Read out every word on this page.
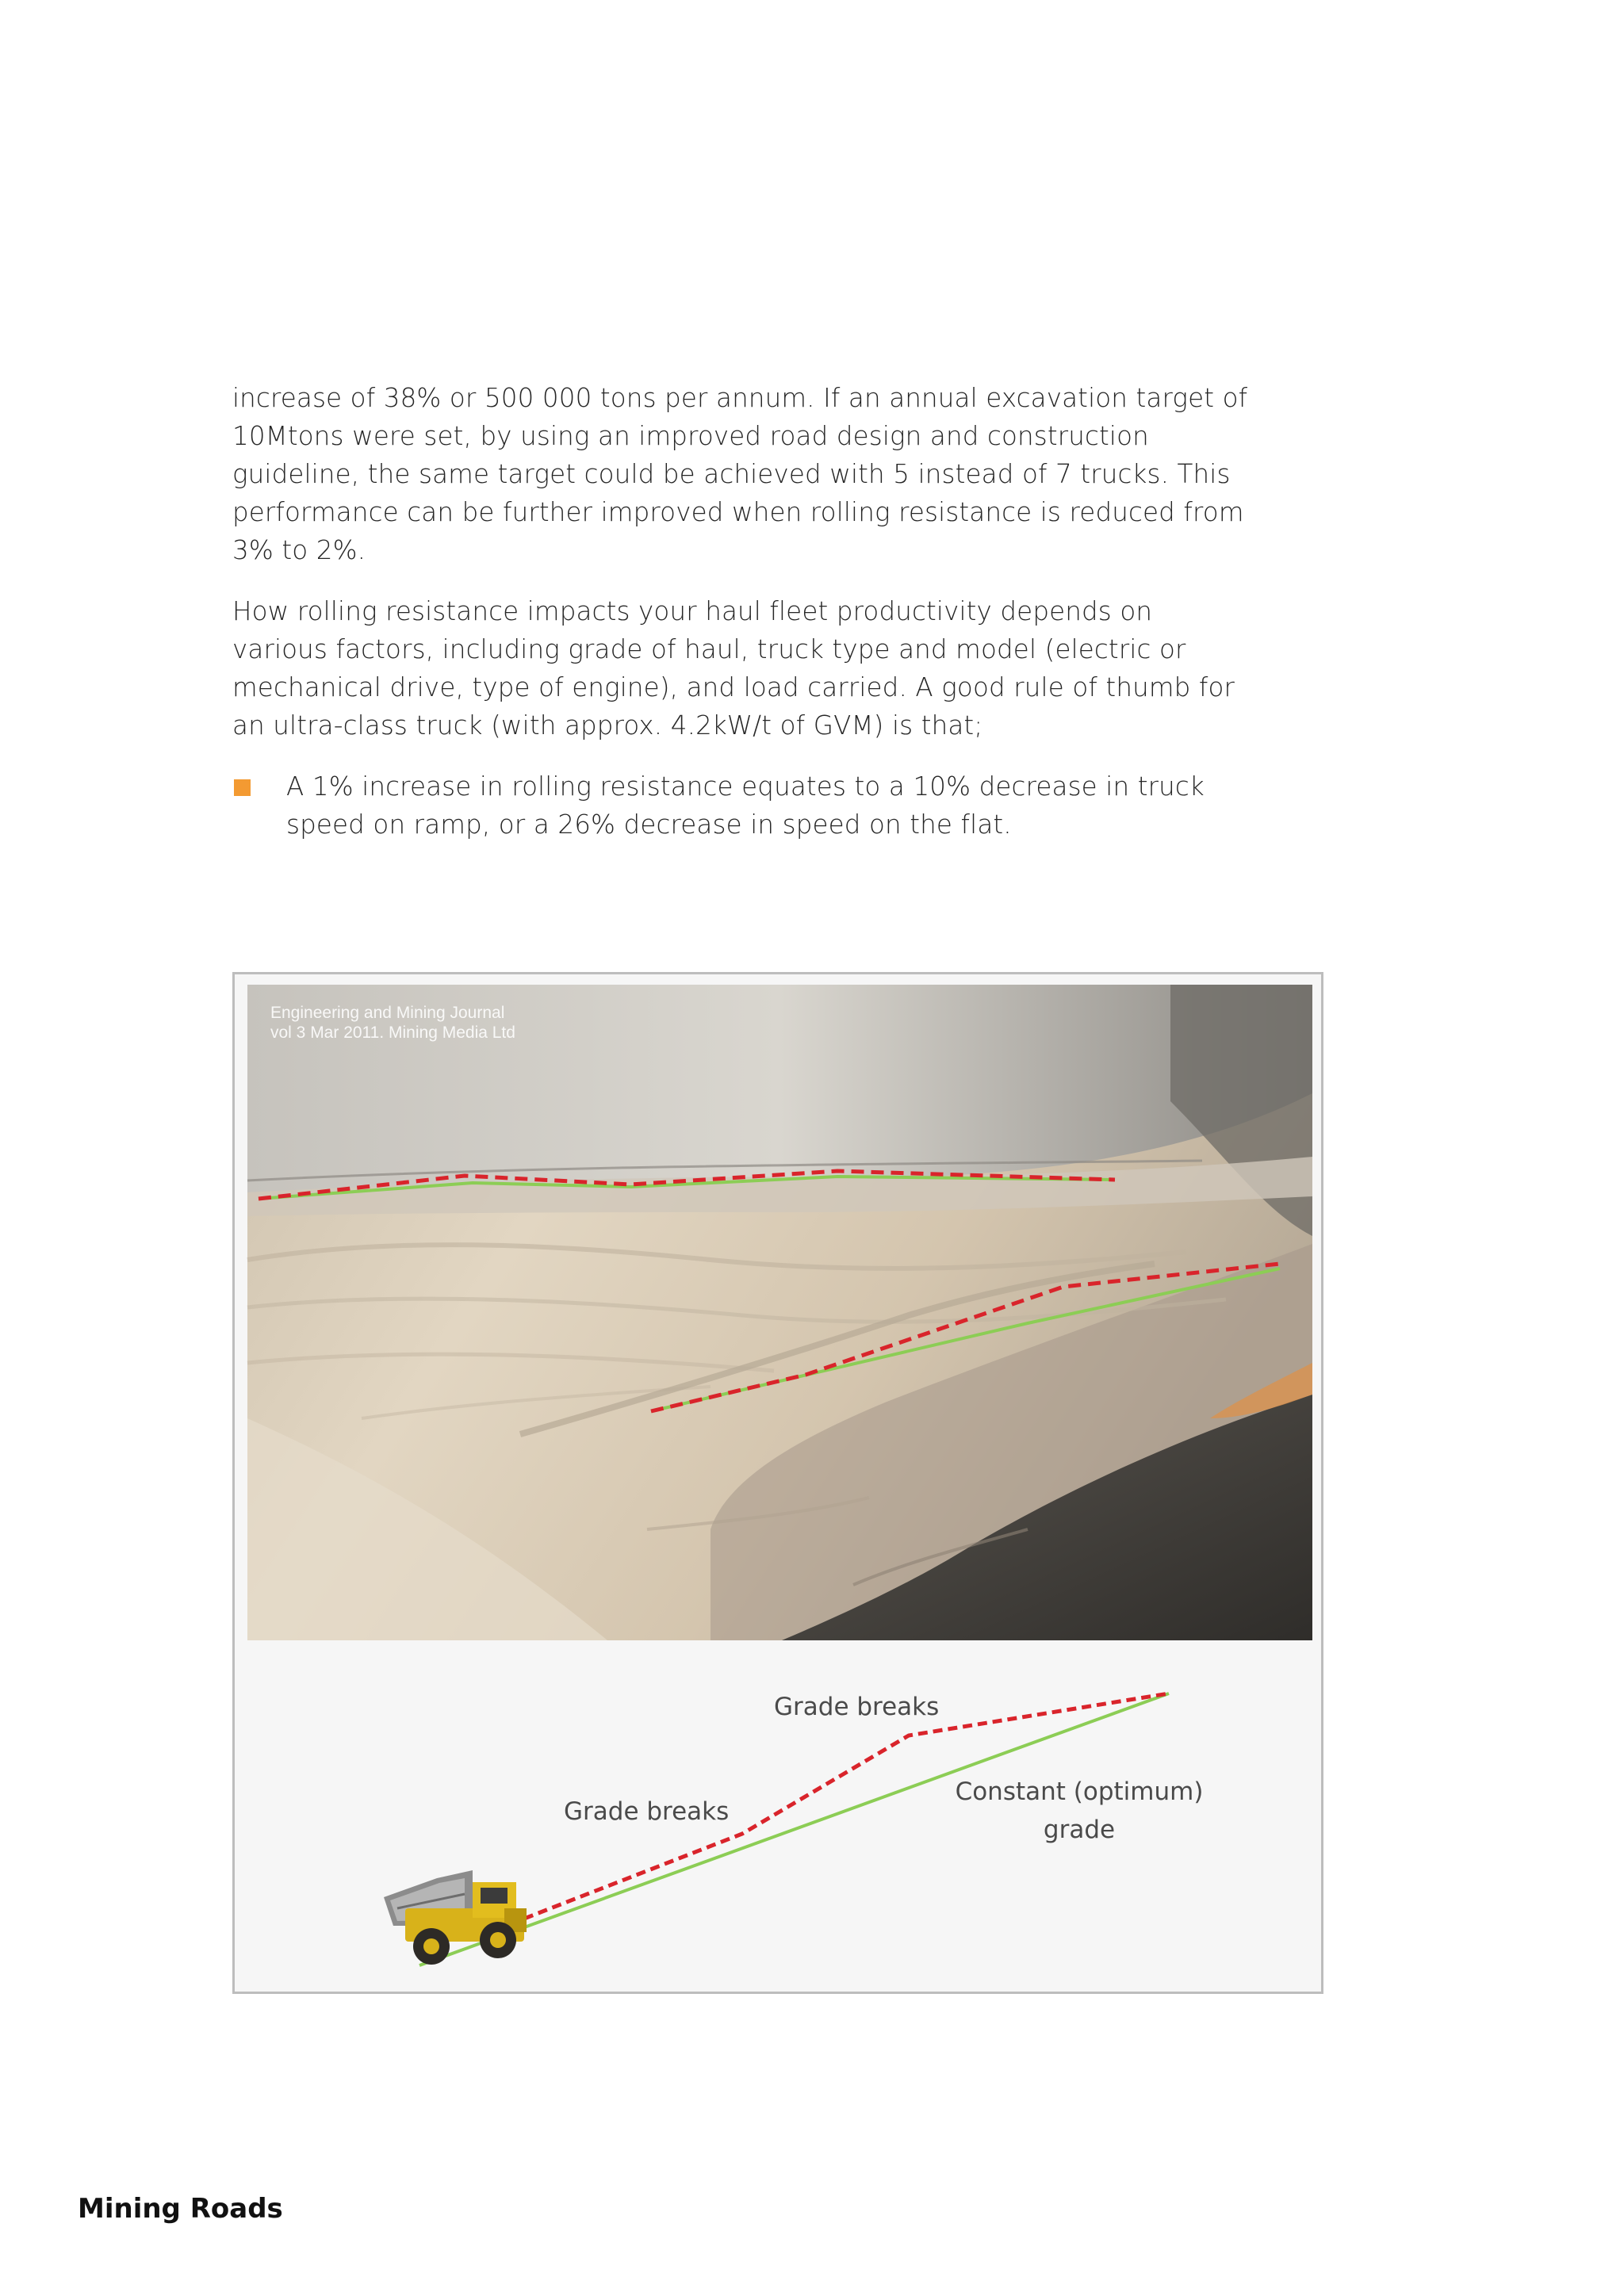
increase of 38% or 500 000 tons per annum. If an annual excavation target of 10Mtons were set, by using an improved road design and construction guideline, the same target could be achieved with 5 instead of 7 trucks. This performance can be further improved when rolling resistance is reduced from 3% to 2%.

How rolling resistance impacts your haul fleet productivity depends on various factors, including grade of haul, truck type and model (electric or mechanical drive, type of engine), and load carried. A good rule of thumb for an ultra-class truck (with approx. 4.2kW/t of GVM) is that;

A 1% increase in rolling resistance equates to a 10% decrease in truck speed on ramp, or a 26% decrease in speed on the flat.

Engineering and Mining Journal
vol 3 Mar 2011. Mining Media Ltd
Grade breaks
Grade breaks
Constant (optimum)
grade
Mining Roads
